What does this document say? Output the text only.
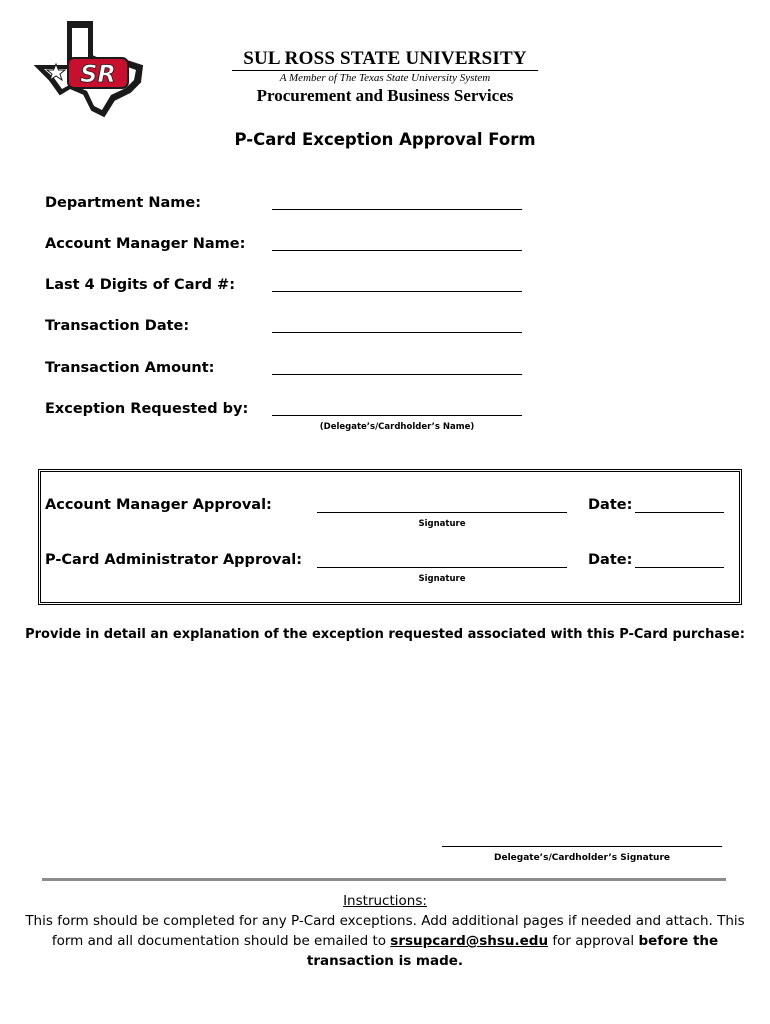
SR
SUL ROSS STATE UNIVERSITY
A Member of The Texas State University System
Procurement and Business Services
P-Card Exception Approval Form
Department Name:
Account Manager Name:
Last 4 Digits of Card #:
Transaction Date:
Transaction Amount:
Exception Requested by:
(Delegate’s/Cardholder’s Name)
Account Manager Approval:
Signature
Date:
P-Card Administrator Approval:
Signature
Date:
Provide in detail an explanation of the exception requested associated with this P-Card purchase:
Delegate’s/Cardholder’s Signature
Instructions:
This form should be completed for any P-Card exceptions. Add additional pages if needed and attach. This form and all documentation should be emailed to srsupcard@shsu.edu for approval before the transaction is made.
